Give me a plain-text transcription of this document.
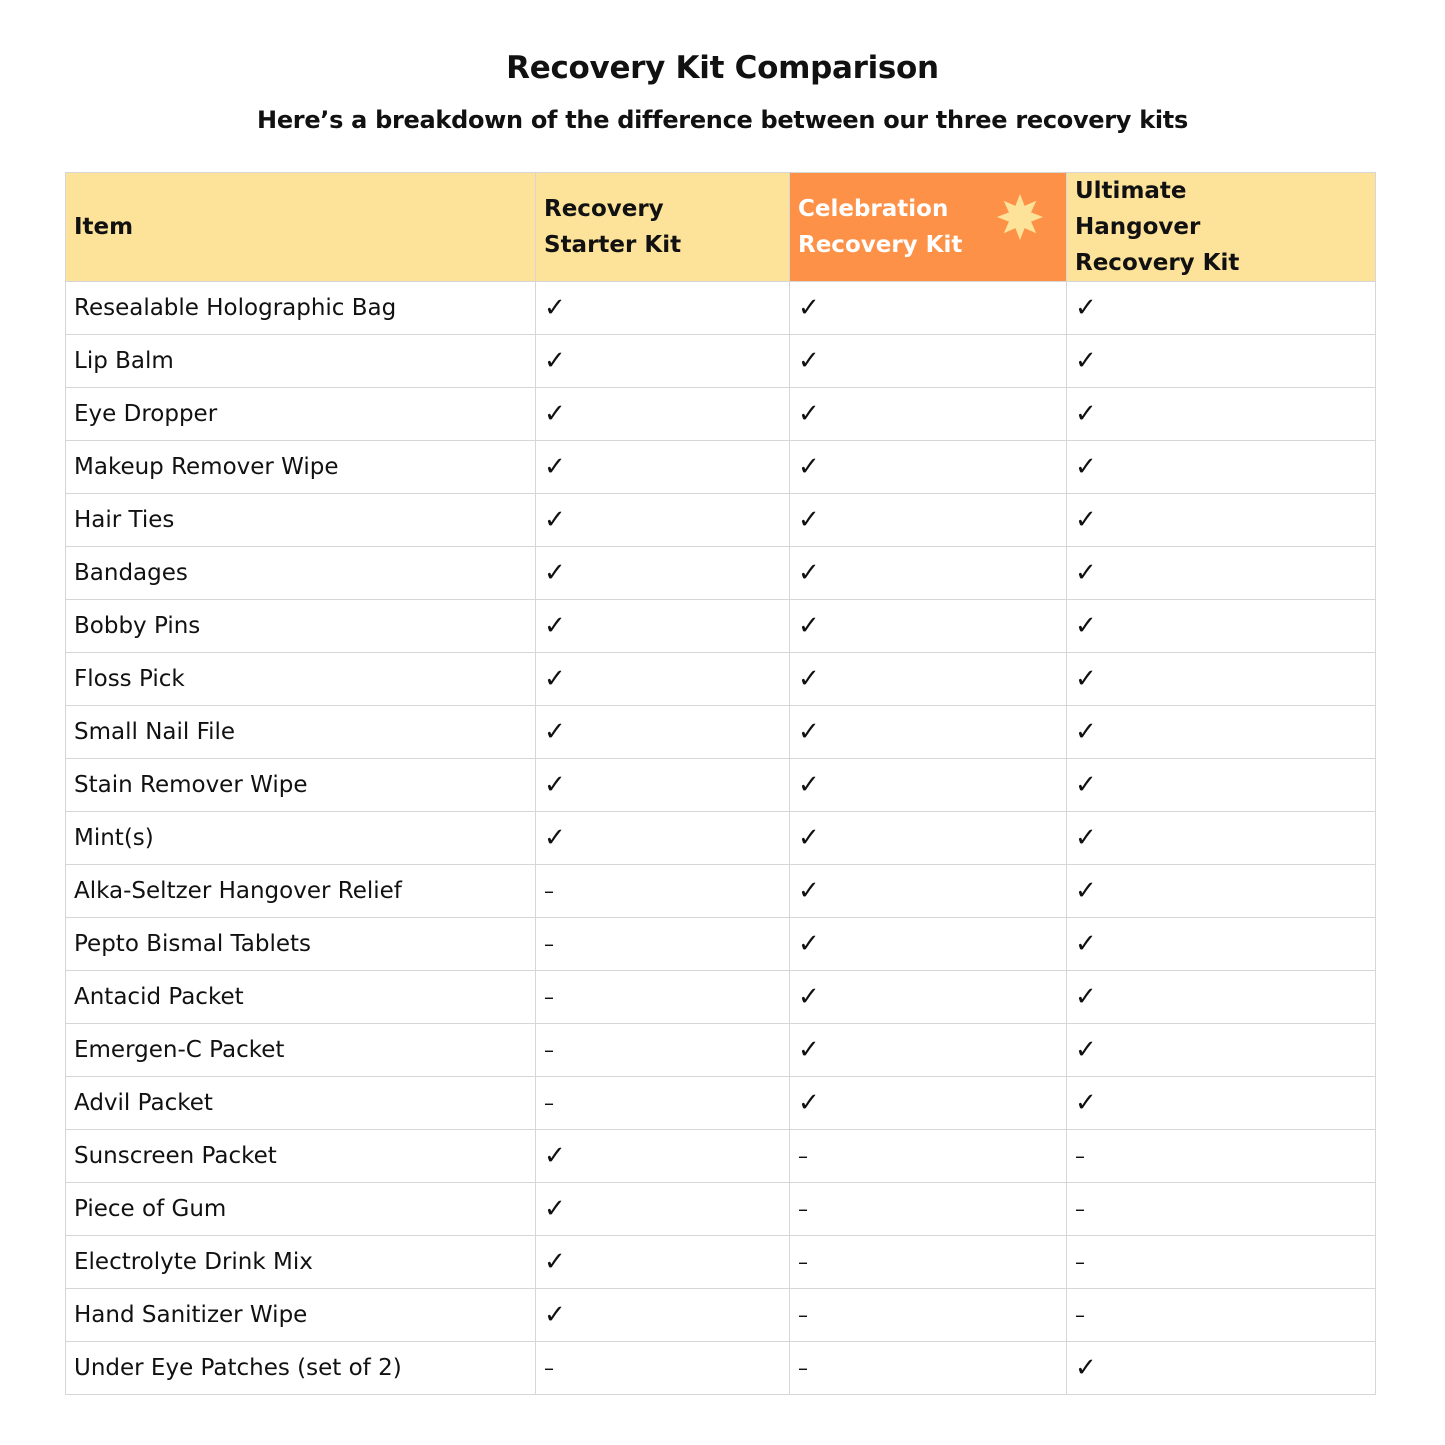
Recovery Kit Comparison
Here’s a breakdown of the difference between our three recovery kits
Item	Recovery Starter Kit	Celebration Recovery Kit	Ultimate Hangover Recovery Kit

Resealable Holographic Bag	✓	✓	✓
Lip Balm	✓	✓	✓
Eye Dropper	✓	✓	✓
Makeup Remover Wipe	✓	✓	✓
Hair Ties	✓	✓	✓
Bandages	✓	✓	✓
Bobby Pins	✓	✓	✓
Floss Pick	✓	✓	✓
Small Nail File	✓	✓	✓
Stain Remover Wipe	✓	✓	✓
Mint(s)	✓	✓	✓
Alka-Seltzer Hangover Relief	–	✓	✓
Pepto Bismal Tablets	–	✓	✓
Antacid Packet	–	✓	✓
Emergen-C Packet	–	✓	✓
Advil Packet	–	✓	✓
Sunscreen Packet	✓	–	–
Piece of Gum	✓	–	–
Electrolyte Drink Mix	✓	–	–
Hand Sanitizer Wipe	✓	–	–
Under Eye Patches (set of 2)	–	–	✓
